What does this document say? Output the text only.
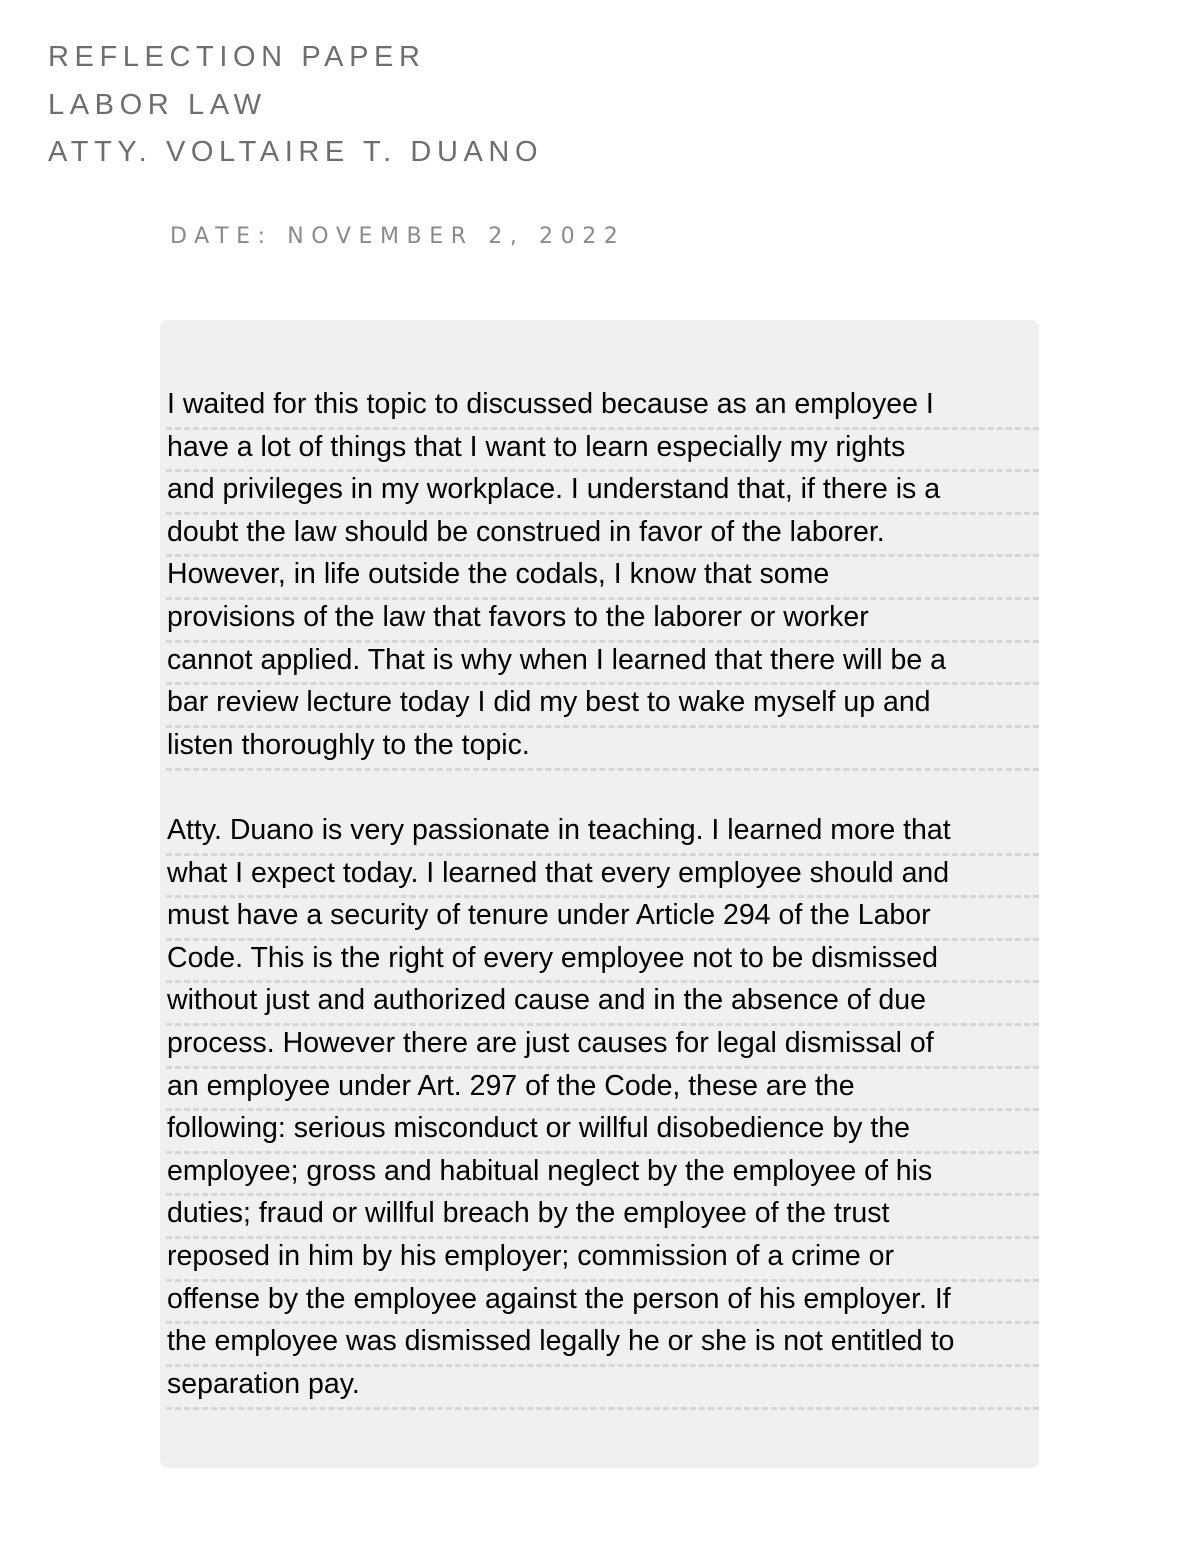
REFLECTION PAPER
LABOR LAW
ATTY. VOLTAIRE T. DUANO
DATE: NOVEMBER 2, 2022
I waited for this topic to discussed because as an employee I
have a lot of things that I want to learn especially my rights
and privileges in my workplace. I understand that, if there is a
doubt the law should be construed in favor of the laborer.
However, in life outside the codals, I know that some
provisions of the law that favors to the laborer or worker
cannot applied. That is why when I learned that there will be a
bar review lecture today I did my best to wake myself up and
listen thoroughly to the topic.
Atty. Duano is very passionate in teaching. I learned more that
what I expect today. I learned that every employee should and
must have a security of tenure under Article 294 of the Labor
Code. This is the right of every employee not to be dismissed
without just and authorized cause and in the absence of due
process. However there are just causes for legal dismissal of
an employee under Art. 297 of the Code, these are the
following: serious misconduct or willful disobedience by the
employee; gross and habitual neglect by the employee of his
duties; fraud or willful breach by the employee of the trust
reposed in him by his employer; commission of a crime or
offense by the employee against the person of his employer. If
the employee was dismissed legally he or she is not entitled to
separation pay.
